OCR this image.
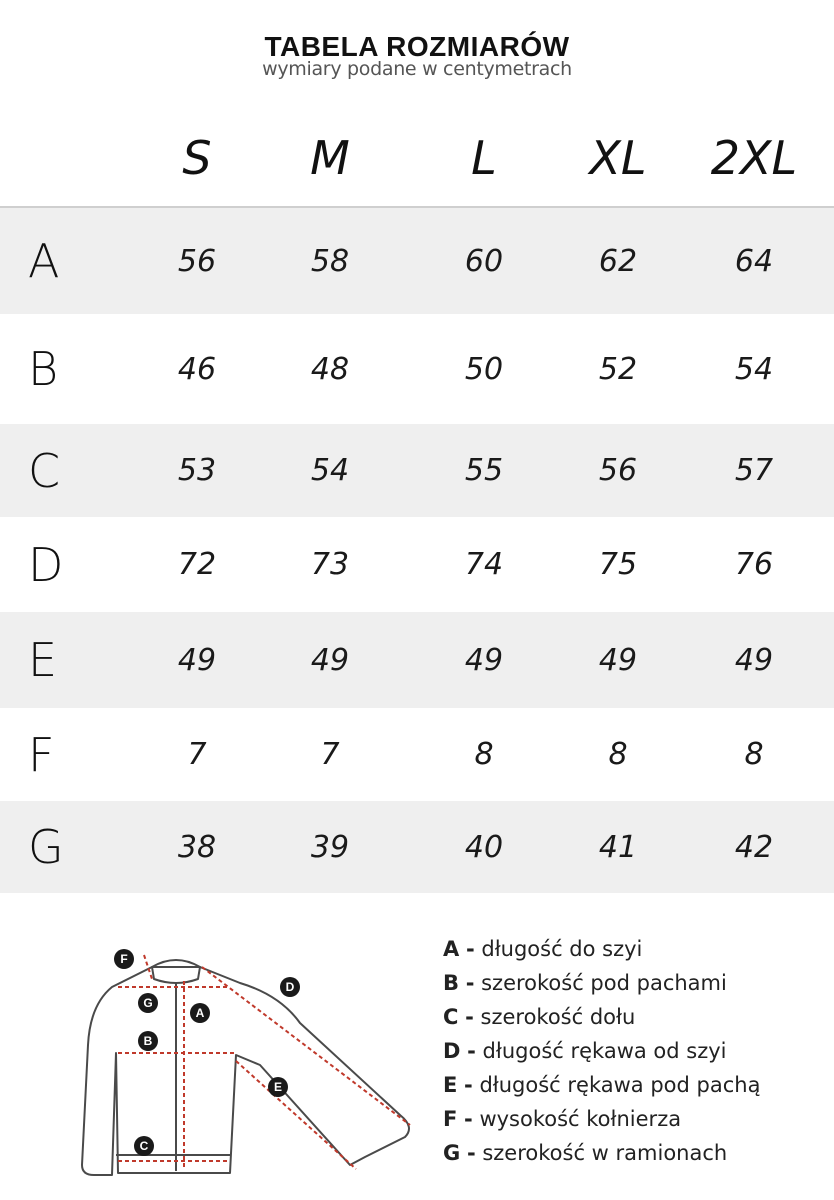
TABELA ROZMIARÓW
wymiary podane w centymetrach
S	M	L	XL	2XL
A	56	58	60	62	64
B	46	48	50	52	54
C	53	54	55	56	57
D	72	73	74	75	76
E	49	49	49	49	49
F	7	7	8	8	8
G	38	39	40	41	42
F
G
A
B
C
D
E
A - długość do szyi
B - szerokość pod pachami
C - szerokość dołu
D - długość rękawa od szyi
E - długość rękawa pod pachą
F - wysokość kołnierza
G - szerokość w ramionach
